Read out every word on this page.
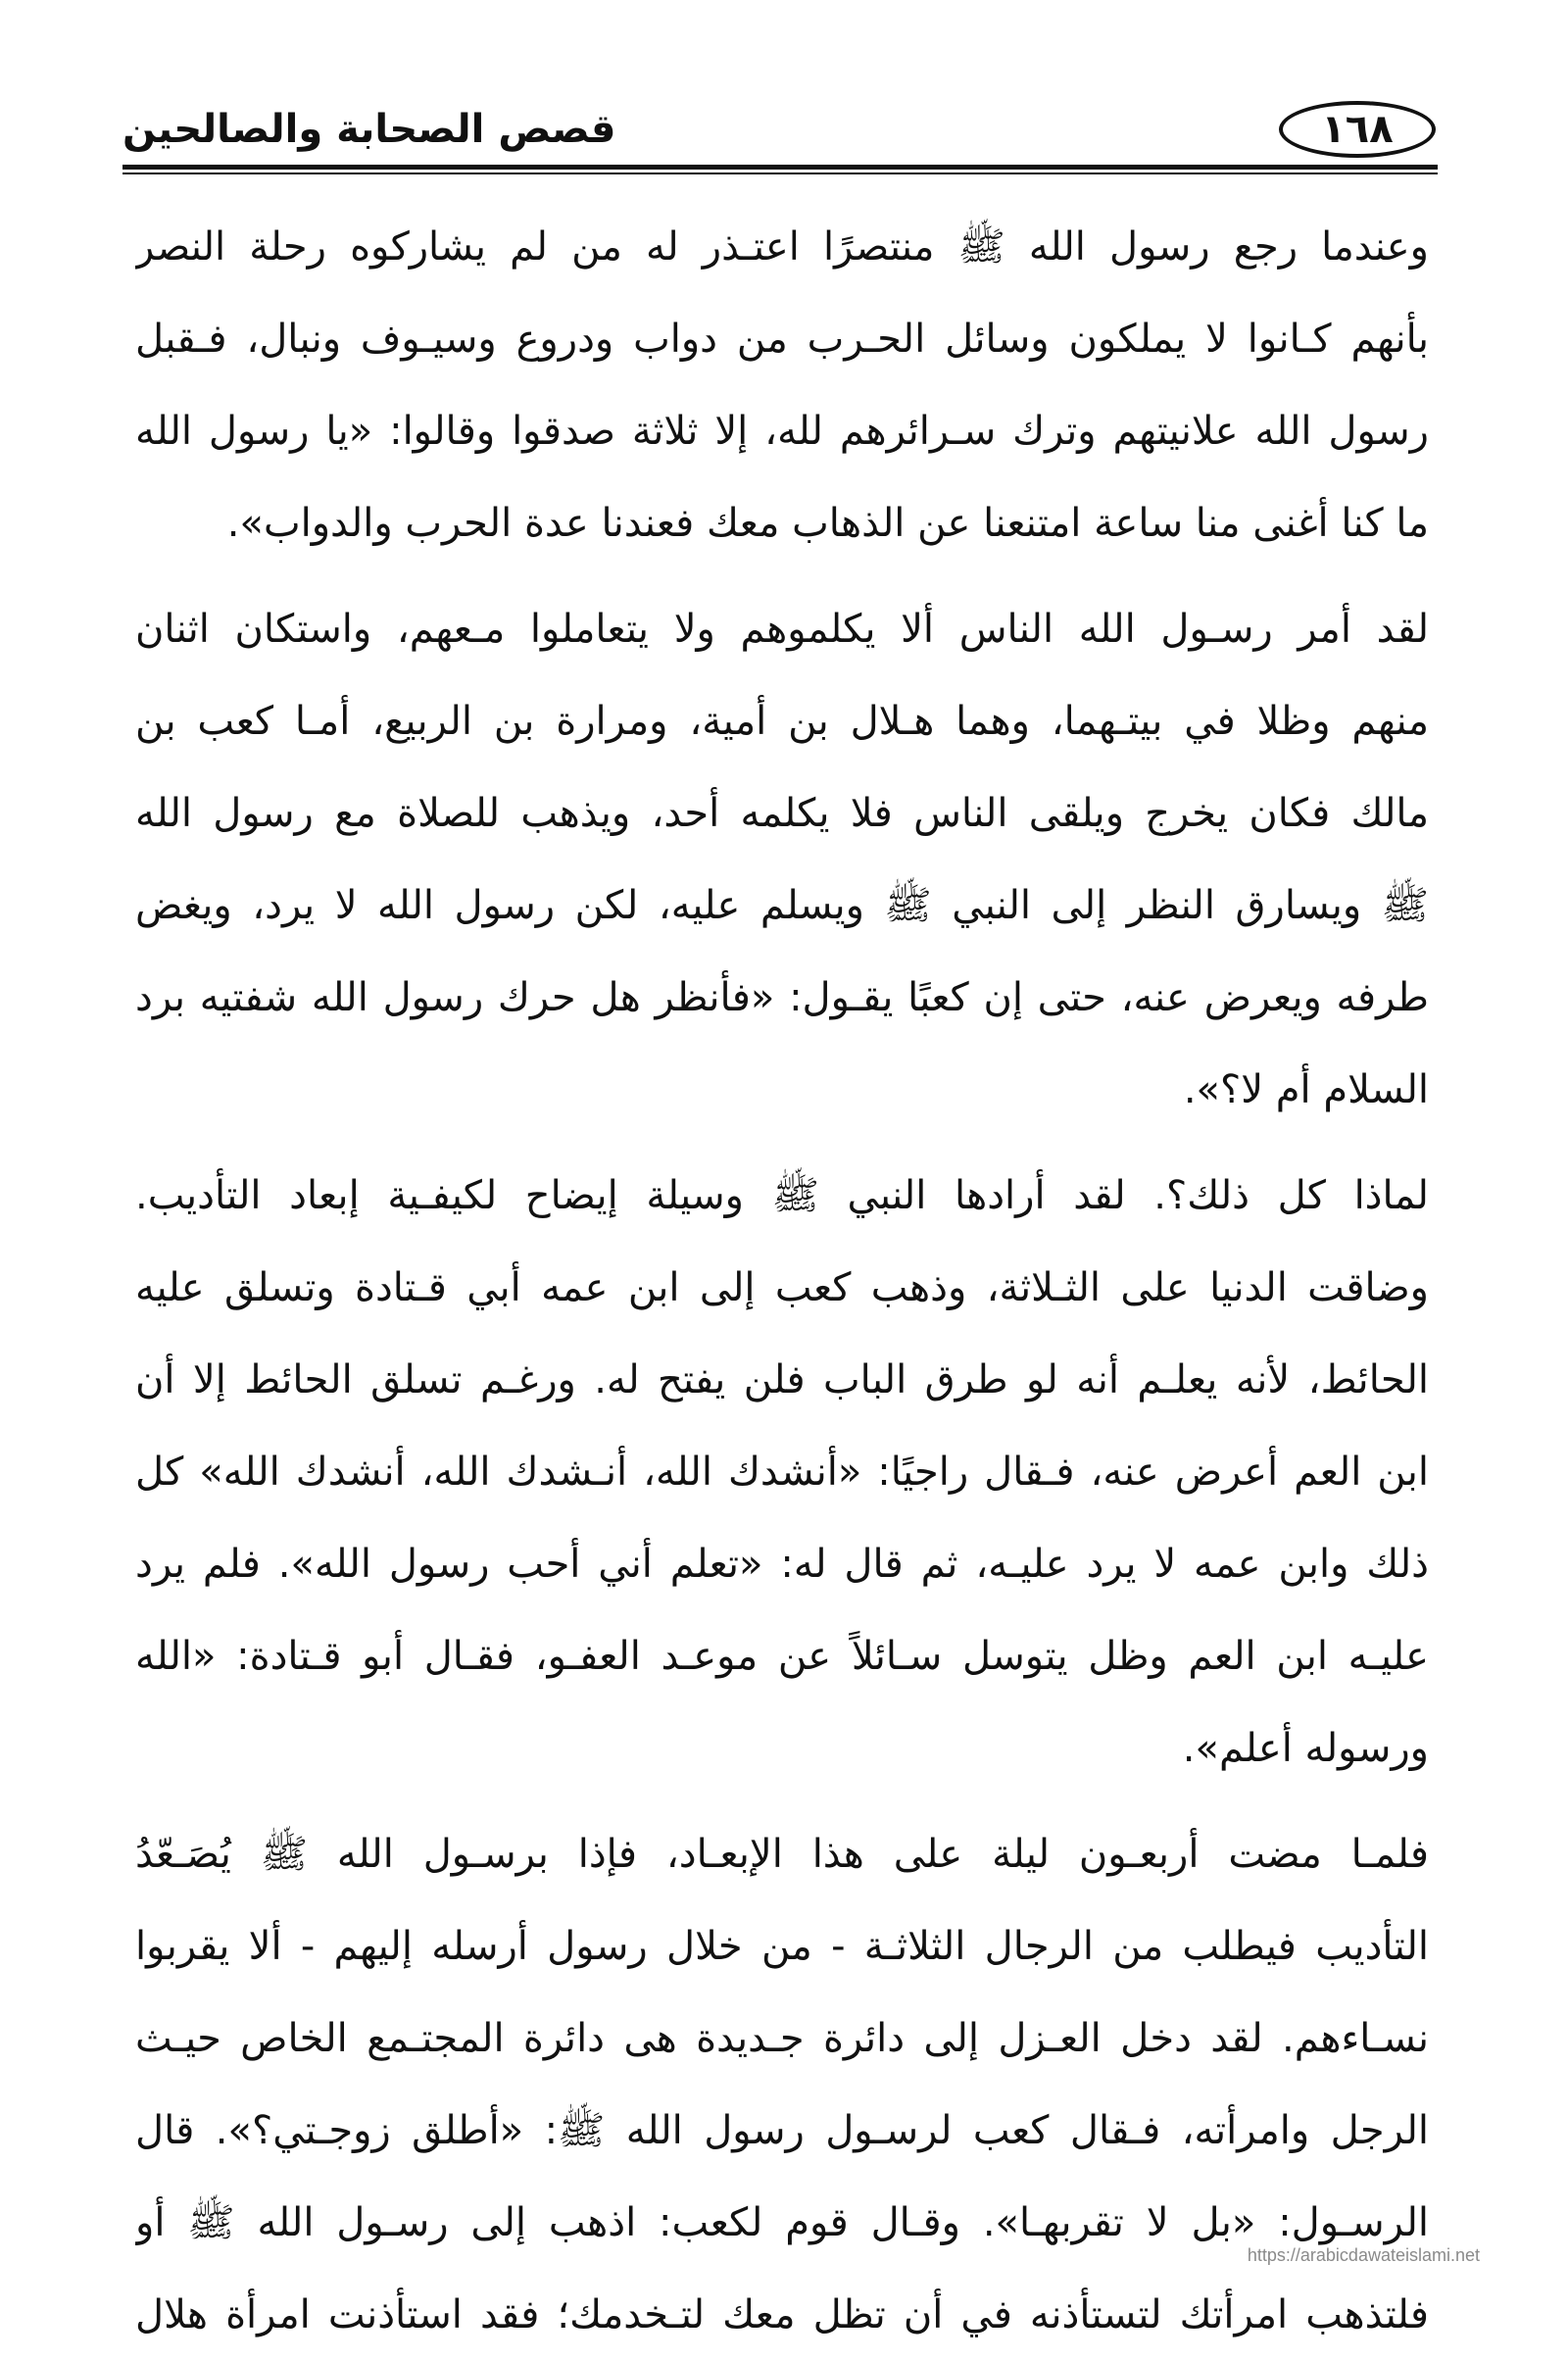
١٦٨
قصص الصحابة والصالحين
وعندما رجع رسول الله ﷺ منتصرًا اعتـذر له من لم يشاركوه رحلة النصر
بأنهم كـانوا لا يملكون وسائل الحـرب من دواب ودروع وسيـوف ونبال، فـقبل
رسول الله علانيتهم وترك سـرائرهم لله، إلا ثلاثة صدقوا وقالوا: «يا رسول الله
ما كنا أغنى منا ساعة امتنعنا عن الذهاب معك فعندنا عدة الحرب والدواب».
لقد أمر رسـول الله الناس ألا يكلموهم ولا يتعاملوا مـعهم، واستكان اثنان
منهم وظلا في بيتـهما، وهما هـلال بن أمية، ومرارة بن الربيع، أمـا كعب بن
مالك فكان يخرج ويلقى الناس فلا يكلمه أحد، ويذهب للصلاة مع رسول الله
ﷺ ويسارق النظر إلى النبي ﷺ ويسلم عليه، لكن رسول الله لا يرد، ويغض
طرفه ويعرض عنه، حتى إن كعبًا يقـول: «فأنظر هل حرك رسول الله شفتيه برد
السلام أم لا؟».
لماذا كل ذلك؟. لقد أرادها النبي ﷺ وسيلة إيضاح لكيفـية إبعاد التأديب.
وضاقت الدنيا على الثـلاثة، وذهب كعب إلى ابن عمه أبي قـتادة وتسلق عليه
الحائط، لأنه يعلـم أنه لو طرق الباب فلن يفتح له. ورغـم تسلق الحائط إلا أن
ابن العم أعرض عنه، فـقال راجيًا: «أنشدك الله، أنـشدك الله، أنشدك الله» كل
ذلك وابن عمه لا يرد عليـه، ثم قال له: «تعلم أني أحب رسول الله». فلم يرد
عليـه ابن العم وظل يتوسل سـائلاً عن موعـد العفـو، فقـال أبو قـتادة: «الله
ورسوله أعلم».
فلمـا مضت أربعـون ليلة على هذا الإبعـاد، فإذا برسـول الله ﷺ يُصَـعّدُ
التأديب فيطلب من الرجال الثلاثـة - من خلال رسول أرسله إليهم - ألا يقربوا
نسـاءهم. لقد دخل العـزل إلى دائرة جـديدة هى دائرة المجتـمع الخاص حيـث
الرجل وامرأته، فـقال كعب لرسـول رسول الله ﷺ: «أطلق زوجـتي؟». قال
الرسـول: «بل لا تقربهـا». وقـال قوم لكعب: اذهب إلى رسـول الله ﷺ أو
فلتذهب امرأتك لتستأذنه في أن تظل معك لتـخدمك؛ فقد استأذنت امرأة هلال
https://arabicdawateislami.net
